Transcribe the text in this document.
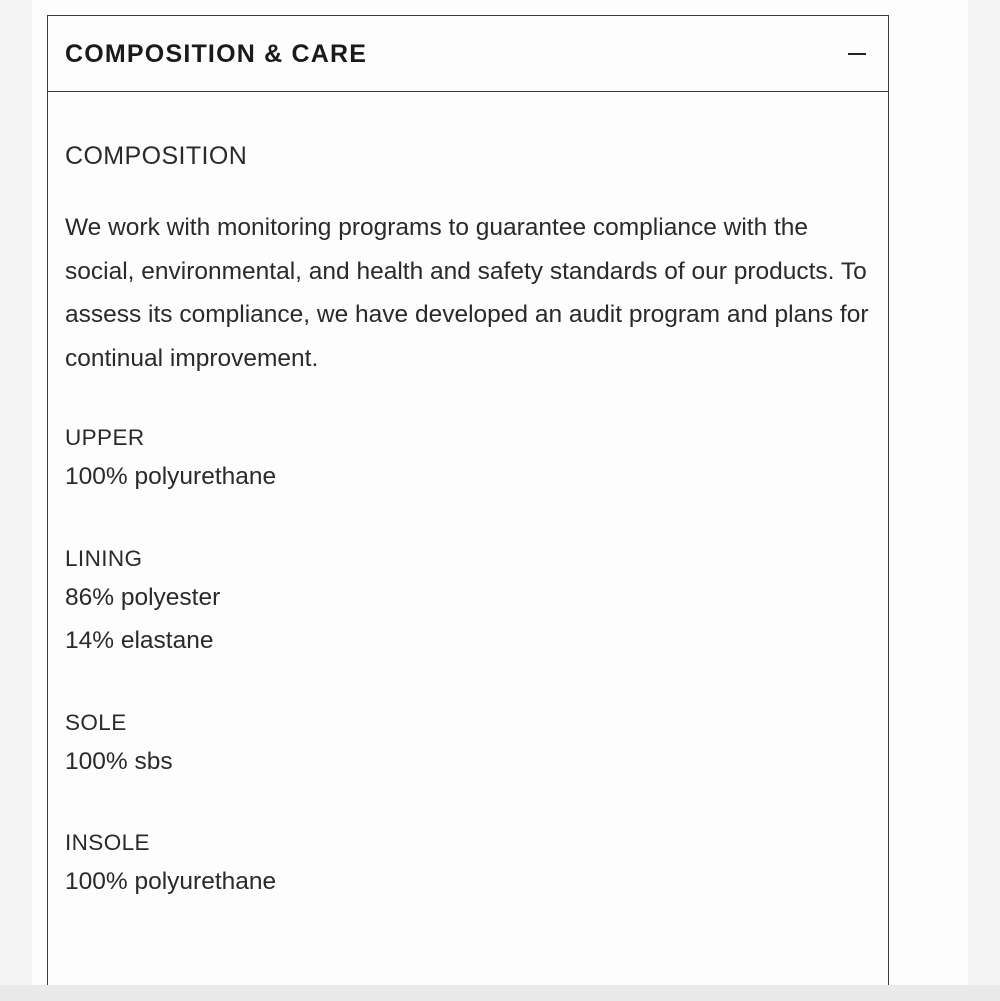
COMPOSITION & CARE
COMPOSITION
We work with monitoring programs to guarantee compliance with the social, environmental, and health and safety standards of our products. To assess its compliance, we have developed an audit program and plans for continual improvement.
UPPER
100% polyurethane
LINING
86% polyester
14% elastane
SOLE
100% sbs
INSOLE
100% polyurethane
